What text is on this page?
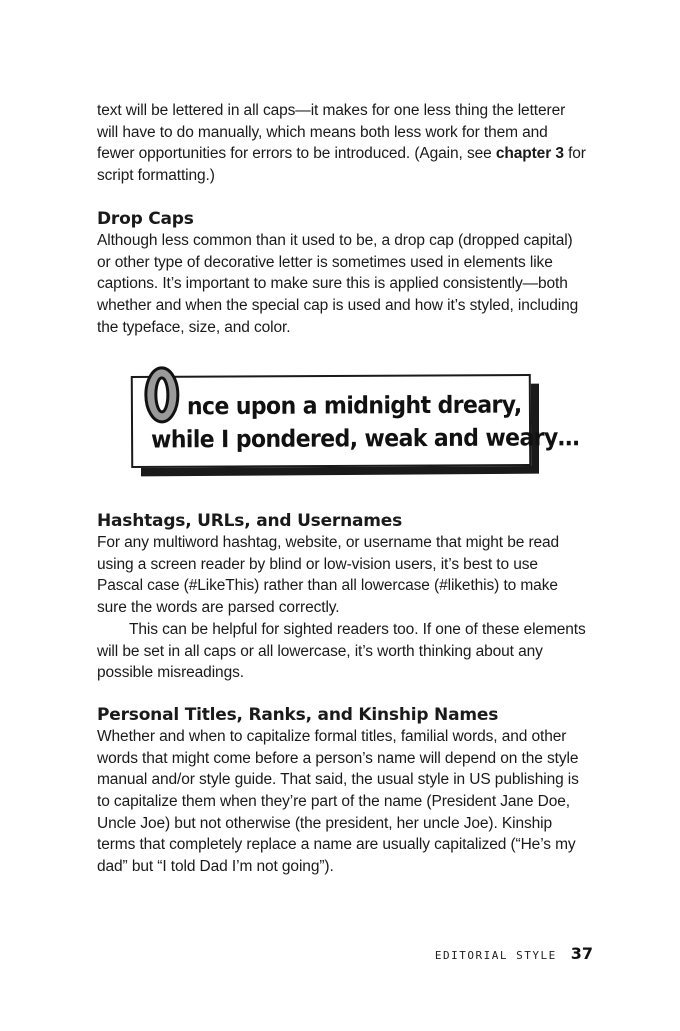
text will be lettered in all caps—it makes for one less thing the letterer will have to do manually, which means both less work for them and fewer opportunities for errors to be introduced. (Again, see chapter 3 for script formatting.)

Drop Caps

Although less common than it used to be, a drop cap (dropped capital) or other type of decorative letter is sometimes used in elements like captions. It’s important to make sure this is applied consistently—both whether and when the special cap is used and how it’s styled, including the typeface, size, and color.

nce upon a midnight dreary,
while I pondered, weak and weary…
Hashtags, URLs, and Usernames

For any multiword hashtag, website, or username that might be read using a screen reader by blind or low-vision users, it’s best to use Pascal case (#LikeThis) rather than all lowercase (#likethis) to make sure the words are parsed correctly.

This can be helpful for sighted readers too. If one of these elements will be set in all caps or all lowercase, it’s worth thinking about any possible misreadings.

Personal Titles, Ranks, and Kinship Names

Whether and when to capitalize formal titles, familial words, and other words that might come before a person’s name will depend on the style manual and/or style guide. That said, the usual style in US publishing is to capitalize them when they’re part of the name (President Jane Doe, Uncle Joe) but not otherwise (the president, her uncle Joe). Kinship terms that completely replace a name are usually capitalized (“He’s my dad” but “I told Dad I’m not going”).

EDITORIAL STYLE 37
